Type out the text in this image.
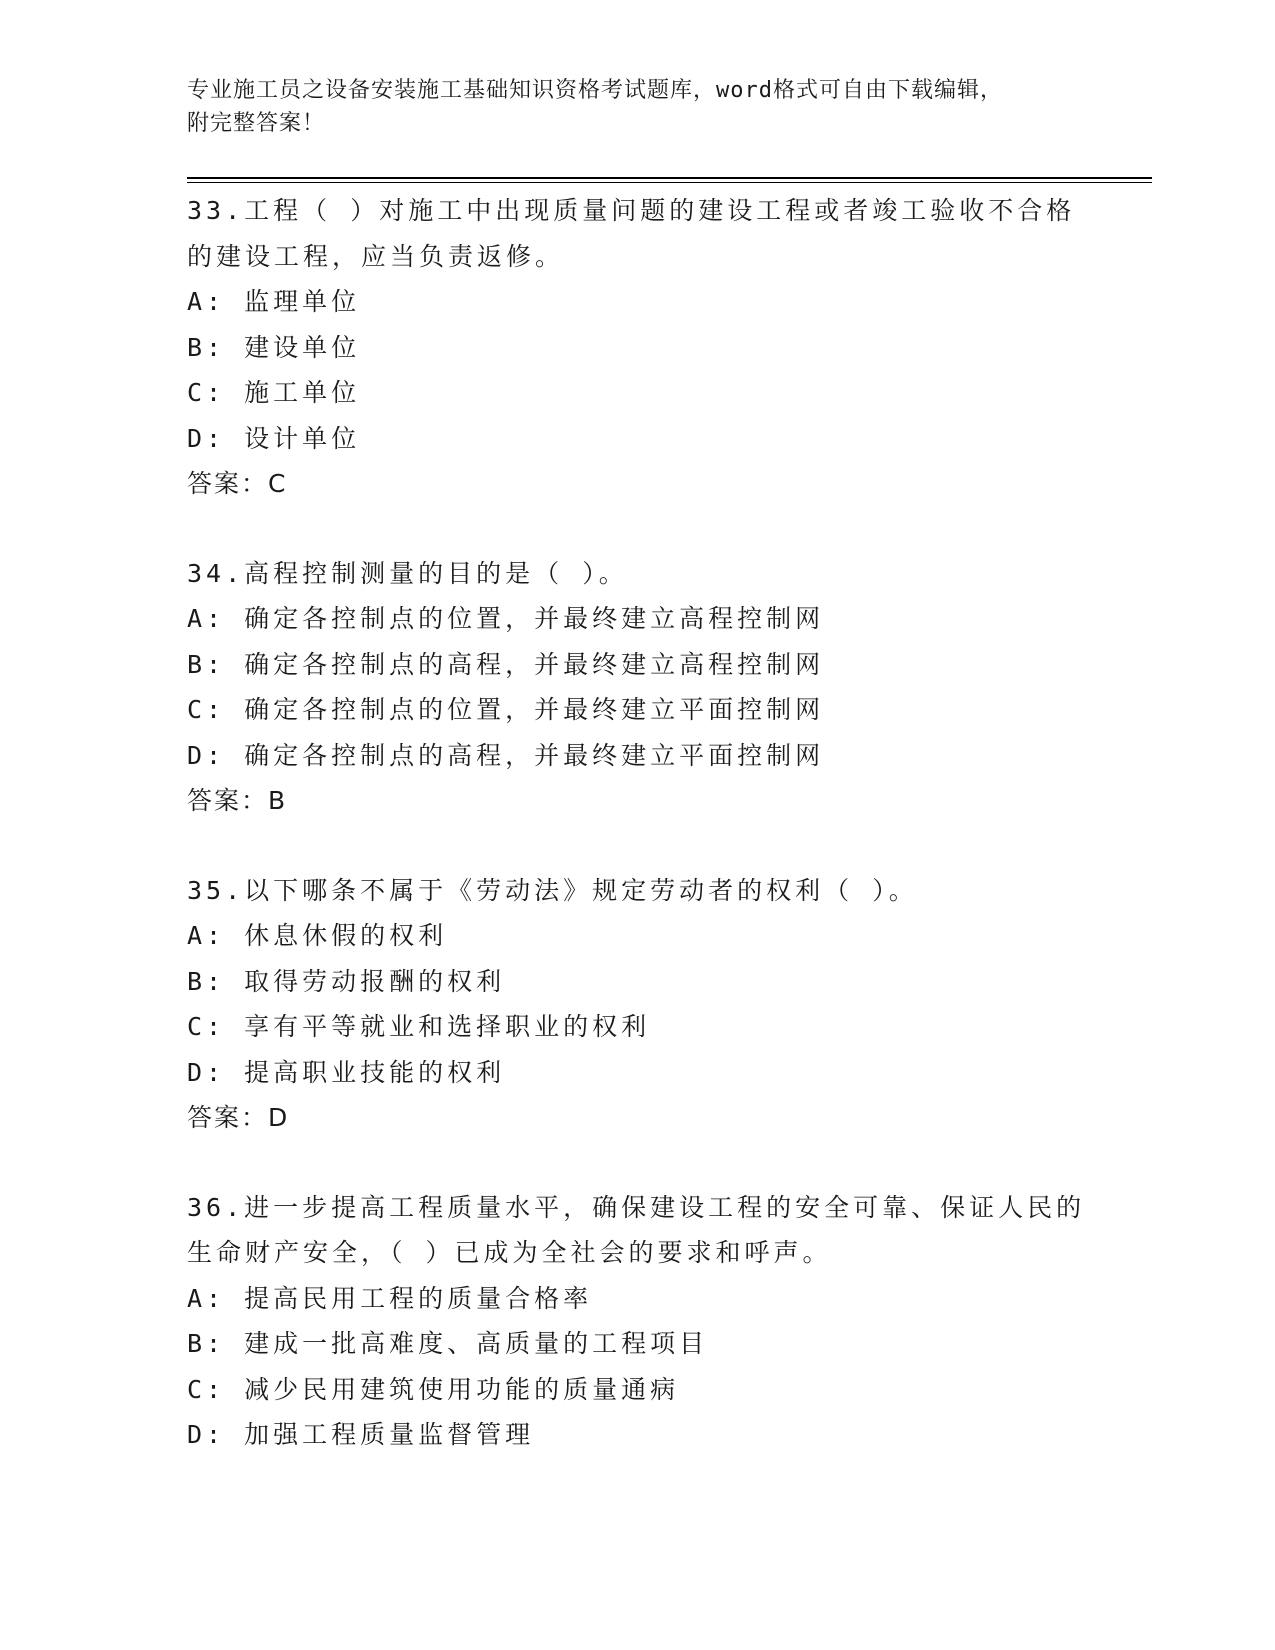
专业施工员之设备安装施工基础知识资格考试题库，word格式可自由下载编辑，
附完整答案！
33.工程（ ）对施工中出现质量问题的建设工程或者竣工验收不合格
的建设工程，应当负责返修。
A: 监理单位
B: 建设单位
C: 施工单位
D: 设计单位
答案：C
34.高程控制测量的目的是（ ）。
A: 确定各控制点的位置，并最终建立高程控制网
B: 确定各控制点的高程，并最终建立高程控制网
C: 确定各控制点的位置，并最终建立平面控制网
D: 确定各控制点的高程，并最终建立平面控制网
答案：B
35.以下哪条不属于《劳动法》规定劳动者的权利（ ）。
A: 休息休假的权利
B: 取得劳动报酬的权利
C: 享有平等就业和选择职业的权利
D: 提高职业技能的权利
答案：D
36.进一步提高工程质量水平，确保建设工程的安全可靠、保证人民的
生命财产安全，（ ）已成为全社会的要求和呼声。
A: 提高民用工程的质量合格率
B: 建成一批高难度、高质量的工程项目
C: 减少民用建筑使用功能的质量通病
D: 加强工程质量监督管理
